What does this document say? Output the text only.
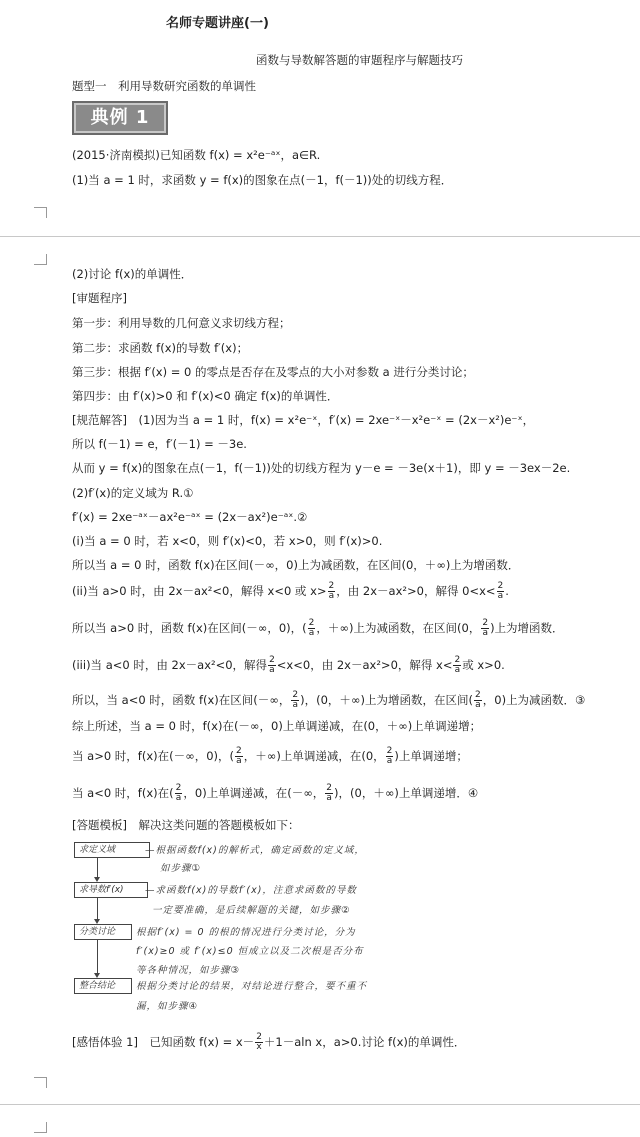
名师专题讲座(一)
函数与导数解答题的审题程序与解题技巧
题型一　利用导数研究函数的单调性
典例 1
(2015·济南模拟)已知函数 f(x) = x²e⁻ᵃˣ，a∈R.
(1)当 a = 1 时，求函数 y = f(x)的图象在点(－1，f(－1))处的切线方程．
(2)讨论 f(x)的单调性．
[审题程序]
第一步：利用导数的几何意义求切线方程；
第二步：求函数 f(x)的导数 f′(x)；
第三步：根据 f′(x) = 0 的零点是否存在及零点的大小对参数 a 进行分类讨论；
第四步：由 f′(x)>0 和 f′(x)<0 确定 f(x)的单调性．
[规范解答]　(1)因为当 a = 1 时，f(x) = x²e⁻ˣ，f′(x) = 2xe⁻ˣ－x²e⁻ˣ = (2x－x²)e⁻ˣ，
所以 f(－1) = e，f′(－1) = －3e.
从而 y = f(x)的图象在点(－1，f(－1))处的切线方程为 y－e = －3e(x＋1)，即 y = －3ex－2e.
(2)f′(x)的定义域为 R.①
f′(x) = 2xe⁻ᵃˣ－ax²e⁻ᵃˣ = (2x－ax²)e⁻ᵃˣ.②
(i)当 a = 0 时，若 x<0，则 f′(x)<0，若 x>0，则 f′(x)>0.
所以当 a = 0 时，函数 f(x)在区间(－∞，0)上为减函数，在区间(0，＋∞)上为增函数．
(ii)当 a>0 时，由 2x－ax²<0，解得 x<0 或 $x> \frac{2}{a}$ ，由 2x－ax²>0，解得 $0<x< \frac{2}{a}$ .
所以当 a>0 时，函数 f(x)在区间(－∞，0)，( $\frac{2}{a}$ ，＋∞)上为减函数，在区间(0， $\frac{2}{a}$ )上为增函数．
(iii)当 a<0 时，由 2x－ax²<0，解得 $\frac{2}{a} <x<0$，由 2x－ax²>0，解得 $x< \frac{2}{a}$ 或 x>0.
所以，当 a<0 时，函数 f(x)在区间(－∞， $\frac{2}{a}$ )，(0，＋∞)上为增函数，在区间( $\frac{2}{a}$ ，0)上为减函数．③
综上所述，当 a = 0 时，f(x)在(－∞，0)上单调递减，在(0，＋∞)上单调递增；
当 a>0 时，f(x)在(－∞，0)，( $\frac{2}{a}$ ，＋∞)上单调递减，在(0， $\frac{2}{a}$ )上单调递增；
当 a<0 时，f(x)在( $\frac{2}{a}$ ，0)上单调递减，在(－∞， $\frac{2}{a}$ )，(0，＋∞)上单调递增．④
[答题模板]　解决这类问题的答题模板如下：
求定义域	—根据函数f(x)的解析式，确定函数的定义域，
如步骤①
求导数f′(x)	—求函数f(x)的导数f′(x)，注意求函数的导数
一定要准确，是后续解题的关键，如步骤②
分类讨论	根据f′(x) = 0 的根的情况进行分类讨论，分为
f′(x)≥0 或 f′(x)≤0 恒成立以及二次根是否分布
等各种情况，如步骤③
整合结论	根据分类讨论的结果，对结论进行整合，要不重不
漏，如步骤④
[感悟体验 1]　已知函数 $f(x) = x- \frac{2}{x} +1-aln$ x，a>0.讨论 f(x)的单调性．
